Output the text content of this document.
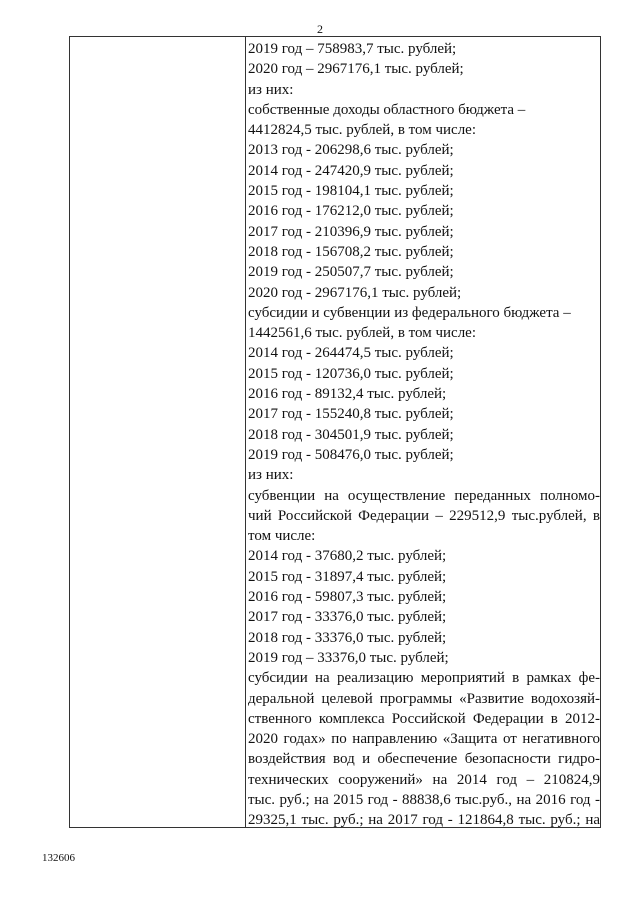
2
2019 год – 758983,7 тыс. рублей;
2020 год – 2967176,1 тыс. рублей;
из них:
собственные доходы областного бюджета –
4412824,5 тыс. рублей, в том числе:
2013 год - 206298,6 тыс. рублей;
2014 год - 247420,9 тыс. рублей;
2015 год - 198104,1 тыс. рублей;
2016 год - 176212,0 тыс. рублей;
2017 год - 210396,9 тыс. рублей;
2018 год - 156708,2 тыс. рублей;
2019 год - 250507,7 тыс. рублей;
2020 год - 2967176,1 тыс. рублей;
субсидии и субвенции из федерального бюджета –
1442561,6 тыс. рублей, в том числе:
2014 год - 264474,5 тыс. рублей;
2015 год - 120736,0 тыс. рублей;
2016 год - 89132,4 тыс. рублей;
2017 год - 155240,8 тыс. рублей;
2018 год - 304501,9 тыс. рублей;
2019 год - 508476,0 тыс. рублей;
из них:
субвенции на осуществление переданных полномо-
чий Российской Федерации – 229512,9 тыс.рублей, в
том числе:
2014 год - 37680,2 тыс. рублей;
2015 год - 31897,4 тыс. рублей;
2016 год - 59807,3 тыс. рублей;
2017 год - 33376,0 тыс. рублей;
2018 год - 33376,0 тыс. рублей;
2019 год – 33376,0 тыс. рублей;
субсидии на реализацию мероприятий в рамках фе-
деральной целевой программы «Развитие водохозяй-
ственного комплекса Российской Федерации в 2012-
2020 годах» по направлению «Защита от негативного
воздействия вод и обеспечение безопасности гидро-
технических сооружений» на 2014 год – 210824,9
тыс. руб.; на 2015 год - 88838,6 тыс.руб., на 2016 год -
29325,1 тыс. руб.; на 2017 год - 121864,8 тыс. руб.; на
132606
